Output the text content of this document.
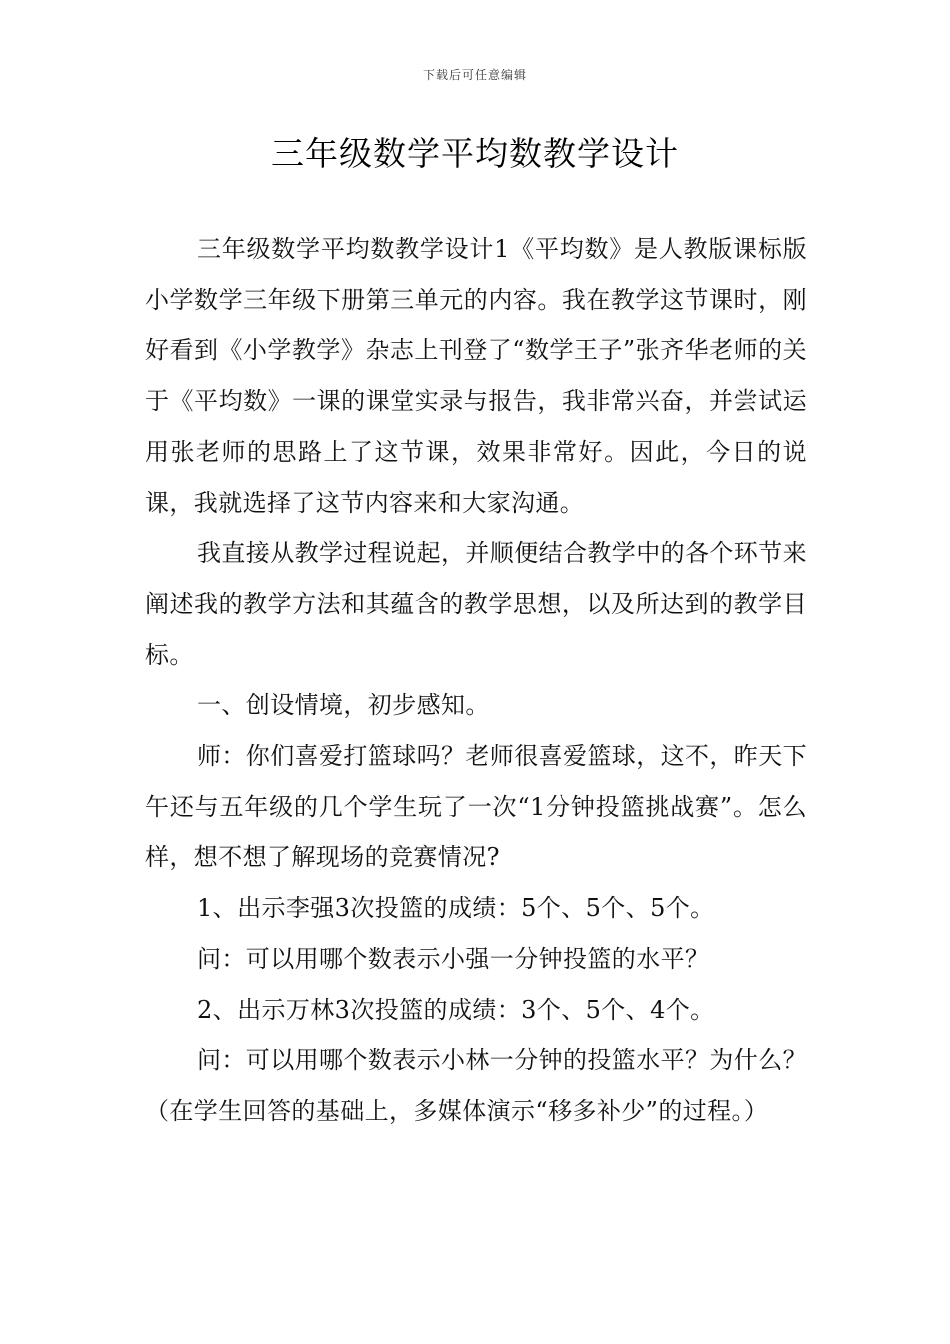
下载后可任意编辑
三年级数学平均数教学设计

三年级数学平均数教学设计1《平均数》是人教版课标版小学数学三年级下册第三单元的内容。我在教学这节课时，刚好看到《小学教学》杂志上刊登了“数学王子”张齐华老师的关于《平均数》一课的课堂实录与报告，我非常兴奋，并尝试运用张老师的思路上了这节课，效果非常好。因此，今日的说课，我就选择了这节内容来和大家沟通。

我直接从教学过程说起，并顺便结合教学中的各个环节来阐述我的教学方法和其蕴含的教学思想，以及所达到的教学目标。

一、创设情境，初步感知。

师：你们喜爱打篮球吗？老师很喜爱篮球，这不，昨天下午还与五年级的几个学生玩了一次“1分钟投篮挑战赛”。怎么样，想不想了解现场的竞赛情况?

1、出示李强3次投篮的成绩：5个、5个、5个。

问：可以用哪个数表示小强一分钟投篮的水平？

2、出示万林3次投篮的成绩：3个、5个、4个。

问：可以用哪个数表示小林一分钟的投篮水平？为什么？（在学生回答的基础上，多媒体演示“移多补少”的过程。）
